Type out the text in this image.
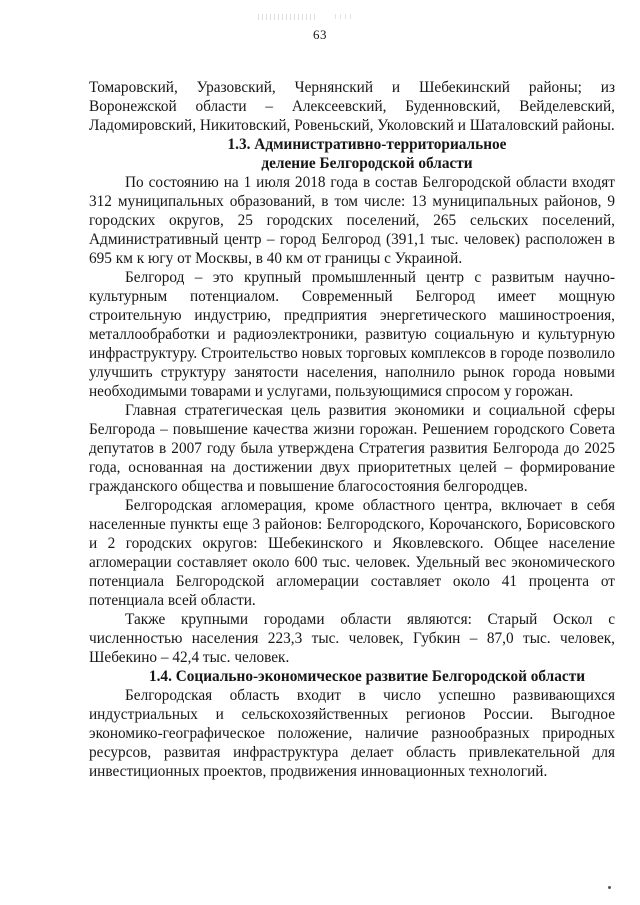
63

Томаровский, Уразовский, Чернянский и Шебекинский районы; из Воронежской области – Алексеевский, Буденновский, Вейделевский, Ладомировский, Никитовский, Ровеньский, Уколовский и Шаталовский районы.

1.3. Административно-территориальное
деление Белгородской области

По состоянию на 1 июля 2018 года в состав Белгородской области входят 312 муниципальных образований, в том числе: 13 муниципальных районов, 9 городских округов, 25 городских поселений, 265 сельских поселений, Административный центр – город Белгород (391,1 тыс. человек) расположен в 695 км к югу от Москвы, в 40 км от границы с Украиной.

Белгород – это крупный промышленный центр с развитым научно-культурным потенциалом. Современный Белгород имеет мощную строительную индустрию, предприятия энергетического машиностроения, металлообработки и радиоэлектроники, развитую социальную и культурную инфраструктуру. Строительство новых торговых комплексов в городе позволило улучшить структуру занятости населения, наполнило рынок города новыми необходимыми товарами и услугами, пользующимися спросом у горожан.

Главная стратегическая цель развития экономики и социальной сферы Белгорода – повышение качества жизни горожан. Решением городского Совета депутатов в 2007 году была утверждена Стратегия развития Белгорода до 2025 года, основанная на достижении двух приоритетных целей – формирование гражданского общества и повышение благосостояния белгородцев.

Белгородская агломерация, кроме областного центра, включает в себя населенные пункты еще 3 районов: Белгородского, Корочанского, Борисовского и 2 городских округов: Шебекинского и Яковлевского. Общее население агломерации составляет около 600 тыс. человек. Удельный вес экономического потенциала Белгородской агломерации составляет около 41 процента от потенциала всей области.

Также крупными городами области являются: Старый Оскол с численностью населения 223,3 тыс. человек, Губкин – 87,0 тыс. человек, Шебекино – 42,4 тыс. человек.

1.4. Социально-экономическое развитие Белгородской области

Белгородская область входит в число успешно развивающихся индустриальных и сельскохозяйственных регионов России. Выгодное экономико-географическое положение, наличие разнообразных природных ресурсов, развитая инфраструктура делает область привлекательной для инвестиционных проектов, продвижения инновационных технологий.
